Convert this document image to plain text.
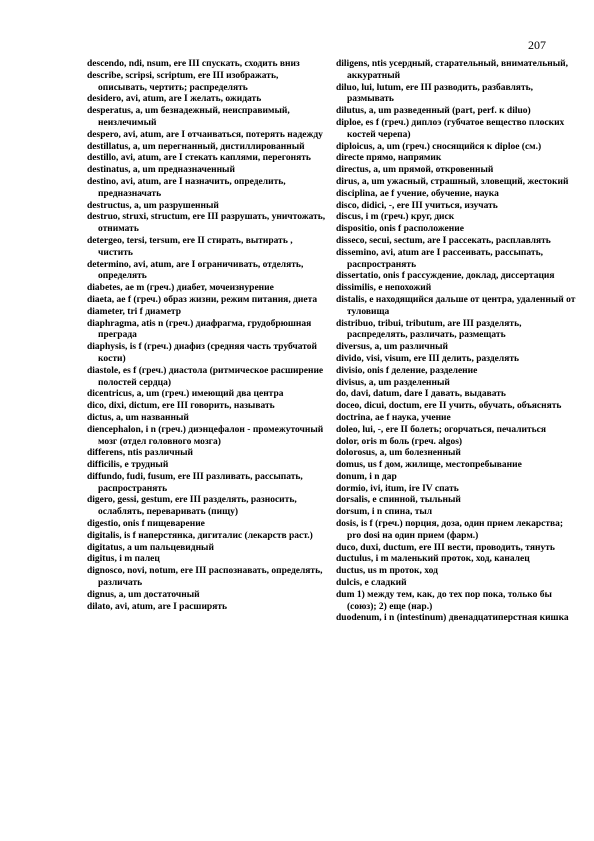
207

descendo, ndi, nsum, ere III спускать, сходить вниз

describe, scripsi, scriptum, ere III изображать, описывать, чертить; распределять

desidero, avi, atum, are I желать, ожидать

desperatus, a, um безнадежный, неисправимый, неизлечимый

despero, avi, atum, are I отчаиваться, потерять надежду

destillatus, a, um перегнанный, дистиллированный

destillo, avi, atum, are I стекать каплями, перегонять

destinatus, a, um предназначенный

destino, avi, atum, are I назначить, определить, предназначать

destructus, a, um разрушенный

destruo, struxi, structum, ere III разрушать, уничтожать, отнимать

detergeo, tersi, tersum, ere II стирать, вытирать , чистить

determino, avi, atum, are I ограничивать, отделять, определять

diabetes, ae m (греч.) диабет, мочеизнурение

diaeta, ae f (греч.) образ жизни, режим питания, диета

diameter, tri f диаметр

diaphragma, atis n (греч.) диафрагма, грудобрюшная преграда

diaphysis, is f (греч.) диафиз (средняя часть трубчатой кости)

diastole, es f (греч.) диастола (ритмическое расширение полостей сердца)

dicentricus, a, um (греч.) имеющий два центра

dico, dixi, dictum, ere III говорить, называть

dictus, a, um названный

diencephalon, i n (греч.) диэнцефалон - промежуточный мозг (отдел головного мозга)

differens, ntis различный

difficilis, e трудный

diffundo, fudi, fusum, ere III разливать, рассыпать, распространять

digero, gessi, gestum, ere III разделять, разносить, ослаблять, переваривать (пищу)

digestio, onis f пищеварение

digitalis, is f наперстянка, дигиталис (лекарств раст.)

digitatus, a um пальцевидный

digitus, i m палец

dignosco, novi, notum, ere III распознавать, определять, различать

dignus, a, um достаточный

dilato, avi, atum, are I расширять

diligens, ntis усердный, старательный, внимательный, аккуратный

diluo, lui, lutum, ere III разводить, разбавлять, размывать

dilutus, a, um разведенный (part, perf. к diluo)

diploe, es f (греч.) диплоэ (губчатое вещество плоских костей черепа)

diploicus, a, um (греч.) сносящийся к diploe (см.)

directe прямо, напрямик

directus, a, um прямой, откровенный

dirus, a, um ужасный, страшный, зловещий, жестокий

disciplina, ae f учение, обучение, наука

disco, didici, -, ere III учиться, изучать

discus, i m (греч.) круг, диск

dispositio, onis f расположение

disseco, secui, sectum, are I рассекать, расплавлять

dissemino, avi, atum are I рассеивать, рассыпать, распространять

dissertatio, onis f рассуждение, доклад, диссертация

dissimilis, e непохожий

distalis, e находящийся дальше от центра, удаленный от туловища

distribuo, tribui, tributum, are III разделять, распределять, различать, размещать

diversus, a, um различный

divido, visi, visum, ere III делить, разделять

divisio, onis f деление, разделение

divisus, a, um разделенный

do, davi, datum, dare I давать, выдавать

doceo, dicui, doctum, ere II учить, обучать, объяснять

doctrina, ae f наука, учение

doleo, lui, -, ere II болеть; огорчаться, печалиться

dolor, oris m боль (греч. algos)

dolorosus, a, um болезненный

domus, us f дом, жилище, местопребывание

donum, i n дар

dormio, ivi, itum, ire IV спать

dorsalis, e спинной, тыльный

dorsum, i n спина, тыл

dosis, is f (греч.) порция, доза, один прием лекарства; pro dosi на один прием (фарм.)

duco, duxi, ductum, ere III вести, проводить, тянуть

ductulus, i m маленький проток, ход, каналец

ductus, us m проток, ход

dulcis, e сладкий

dum 1) между тем, как, до тех пор пока, только бы (союз); 2) еще (нар.)

duodenum, i n (intestinum) двенадцатиперстная кишка
